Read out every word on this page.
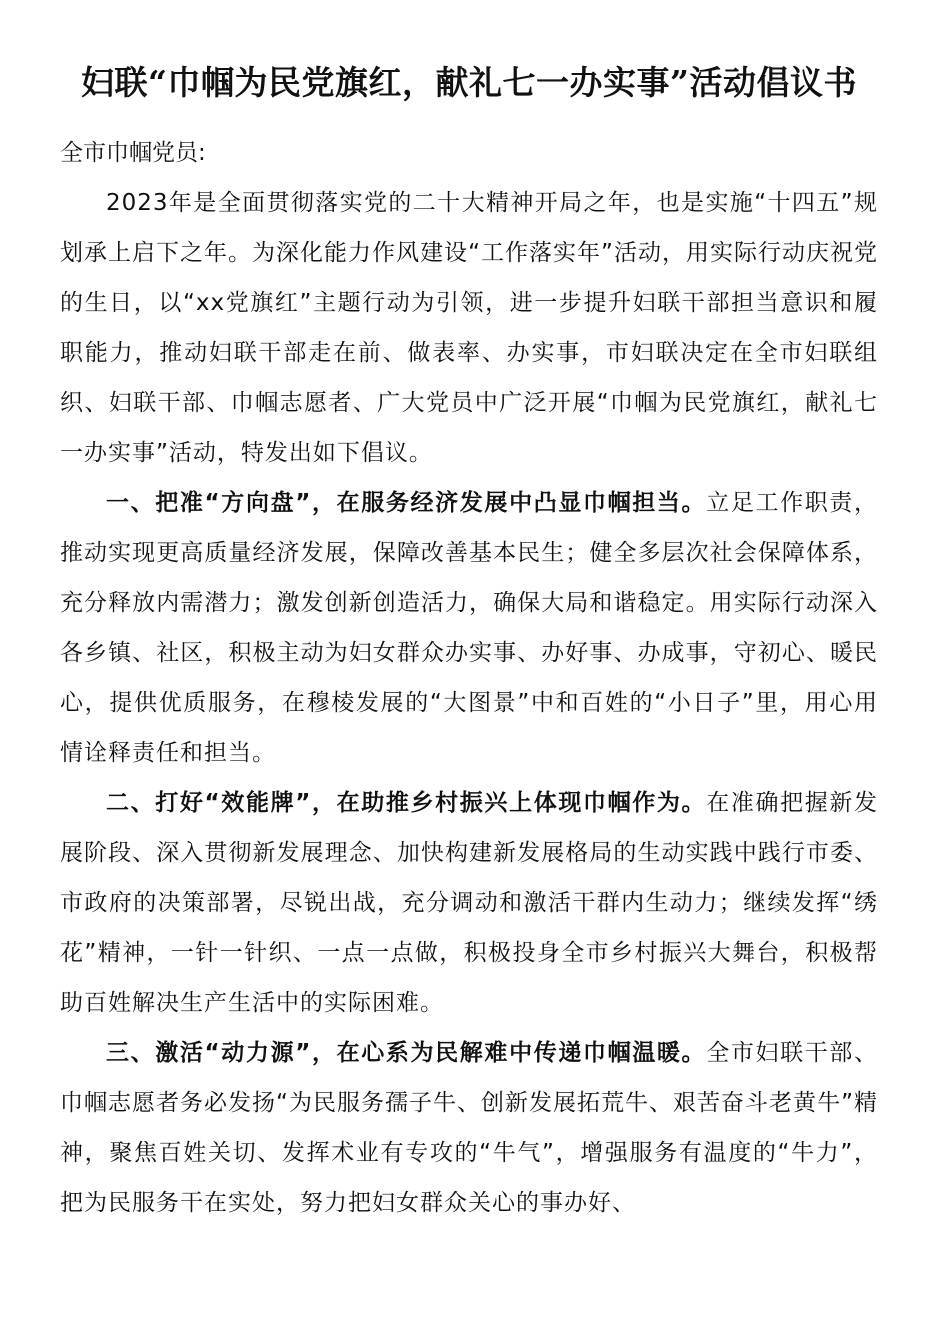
妇联“巾帼为民党旗红，献礼七一办实事”活动倡议书

全市巾帼党员:

2023年是全面贯彻落实党的二十大精神开局之年，也是实施“十四五”规划承上启下之年。为深化能力作风建设“工作落实年”活动，用实际行动庆祝党的生日，以“xx党旗红”主题行动为引领，进一步提升妇联干部担当意识和履职能力，推动妇联干部走在前、做表率、办实事，市妇联决定在全市妇联组织、妇联干部、巾帼志愿者、广大党员中广泛开展“巾帼为民党旗红，献礼七一办实事”活动，特发出如下倡议。

一、把准“方向盘”，在服务经济发展中凸显巾帼担当。立足工作职责，推动实现更高质量经济发展，保障改善基本民生；健全多层次社会保障体系，充分释放内需潜力；激发创新创造活力，确保大局和谐稳定。用实际行动深入各乡镇、社区，积极主动为妇女群众办实事、办好事、办成事，守初心、暖民心，提供优质服务，在穆棱发展的“大图景”中和百姓的“小日子”里，用心用情诠释责任和担当。

二、打好“效能牌”，在助推乡村振兴上体现巾帼作为。在准确把握新发展阶段、深入贯彻新发展理念、加快构建新发展格局的生动实践中践行市委、市政府的决策部署，尽锐出战，充分调动和激活干群内生动力；继续发挥“绣花”精神，一针一针织、一点一点做，积极投身全市乡村振兴大舞台，积极帮助百姓解决生产生活中的实际困难。

三、激活“动力源”，在心系为民解难中传递巾帼温暖。全市妇联干部、巾帼志愿者务必发扬“为民服务孺子牛、创新发展拓荒牛、艰苦奋斗老黄牛”精神，聚焦百姓关切、发挥术业有专攻的“牛气”，增强服务有温度的“牛力”，把为民服务干在实处，努力把妇女群众关心的事办好、
